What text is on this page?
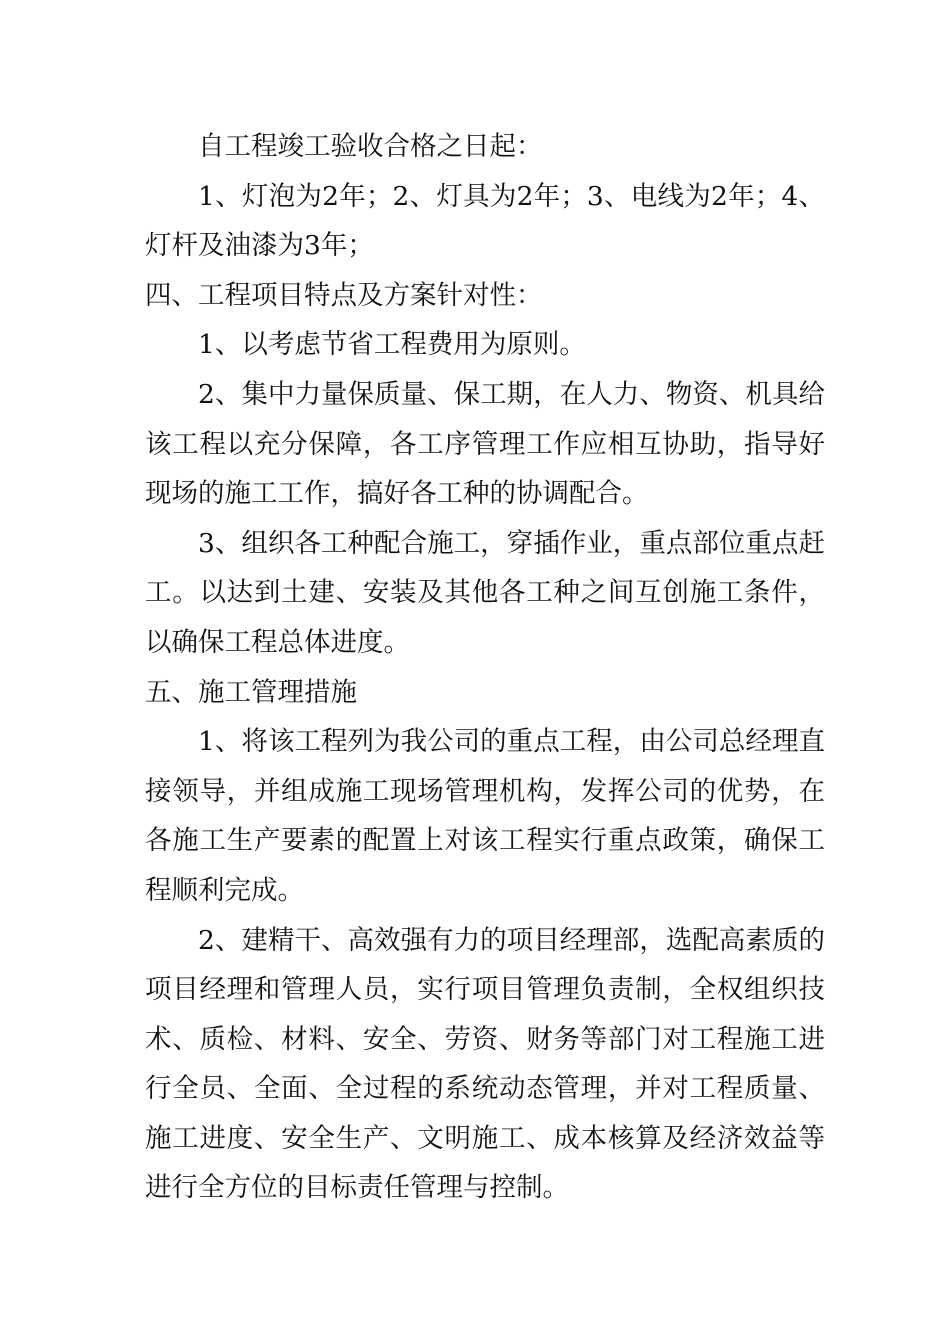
自工程竣工验收合格之日起：

1、灯泡为2年；2、灯具为2年；3、电线为2年；4、灯杆及油漆为3年；

四、工程项目特点及方案针对性：

1、以考虑节省工程费用为原则。

2、集中力量保质量、保工期，在人力、物资、机具给该工程以充分保障，各工序管理工作应相互协助，指导好现场的施工工作，搞好各工种的协调配合。

3、组织各工种配合施工，穿插作业，重点部位重点赶工。以达到土建、安装及其他各工种之间互创施工条件，以确保工程总体进度。

五、施工管理措施

1、将该工程列为我公司的重点工程，由公司总经理直接领导，并组成施工现场管理机构，发挥公司的优势，在各施工生产要素的配置上对该工程实行重点政策，确保工程顺利完成。

2、建精干、高效强有力的项目经理部，选配高素质的项目经理和管理人员，实行项目管理负责制，全权组织技术、质检、材料、安全、劳资、财务等部门对工程施工进行全员、全面、全过程的系统动态管理，并对工程质量、施工进度、安全生产、文明施工、成本核算及经济效益等进行全方位的目标责任管理与控制。
